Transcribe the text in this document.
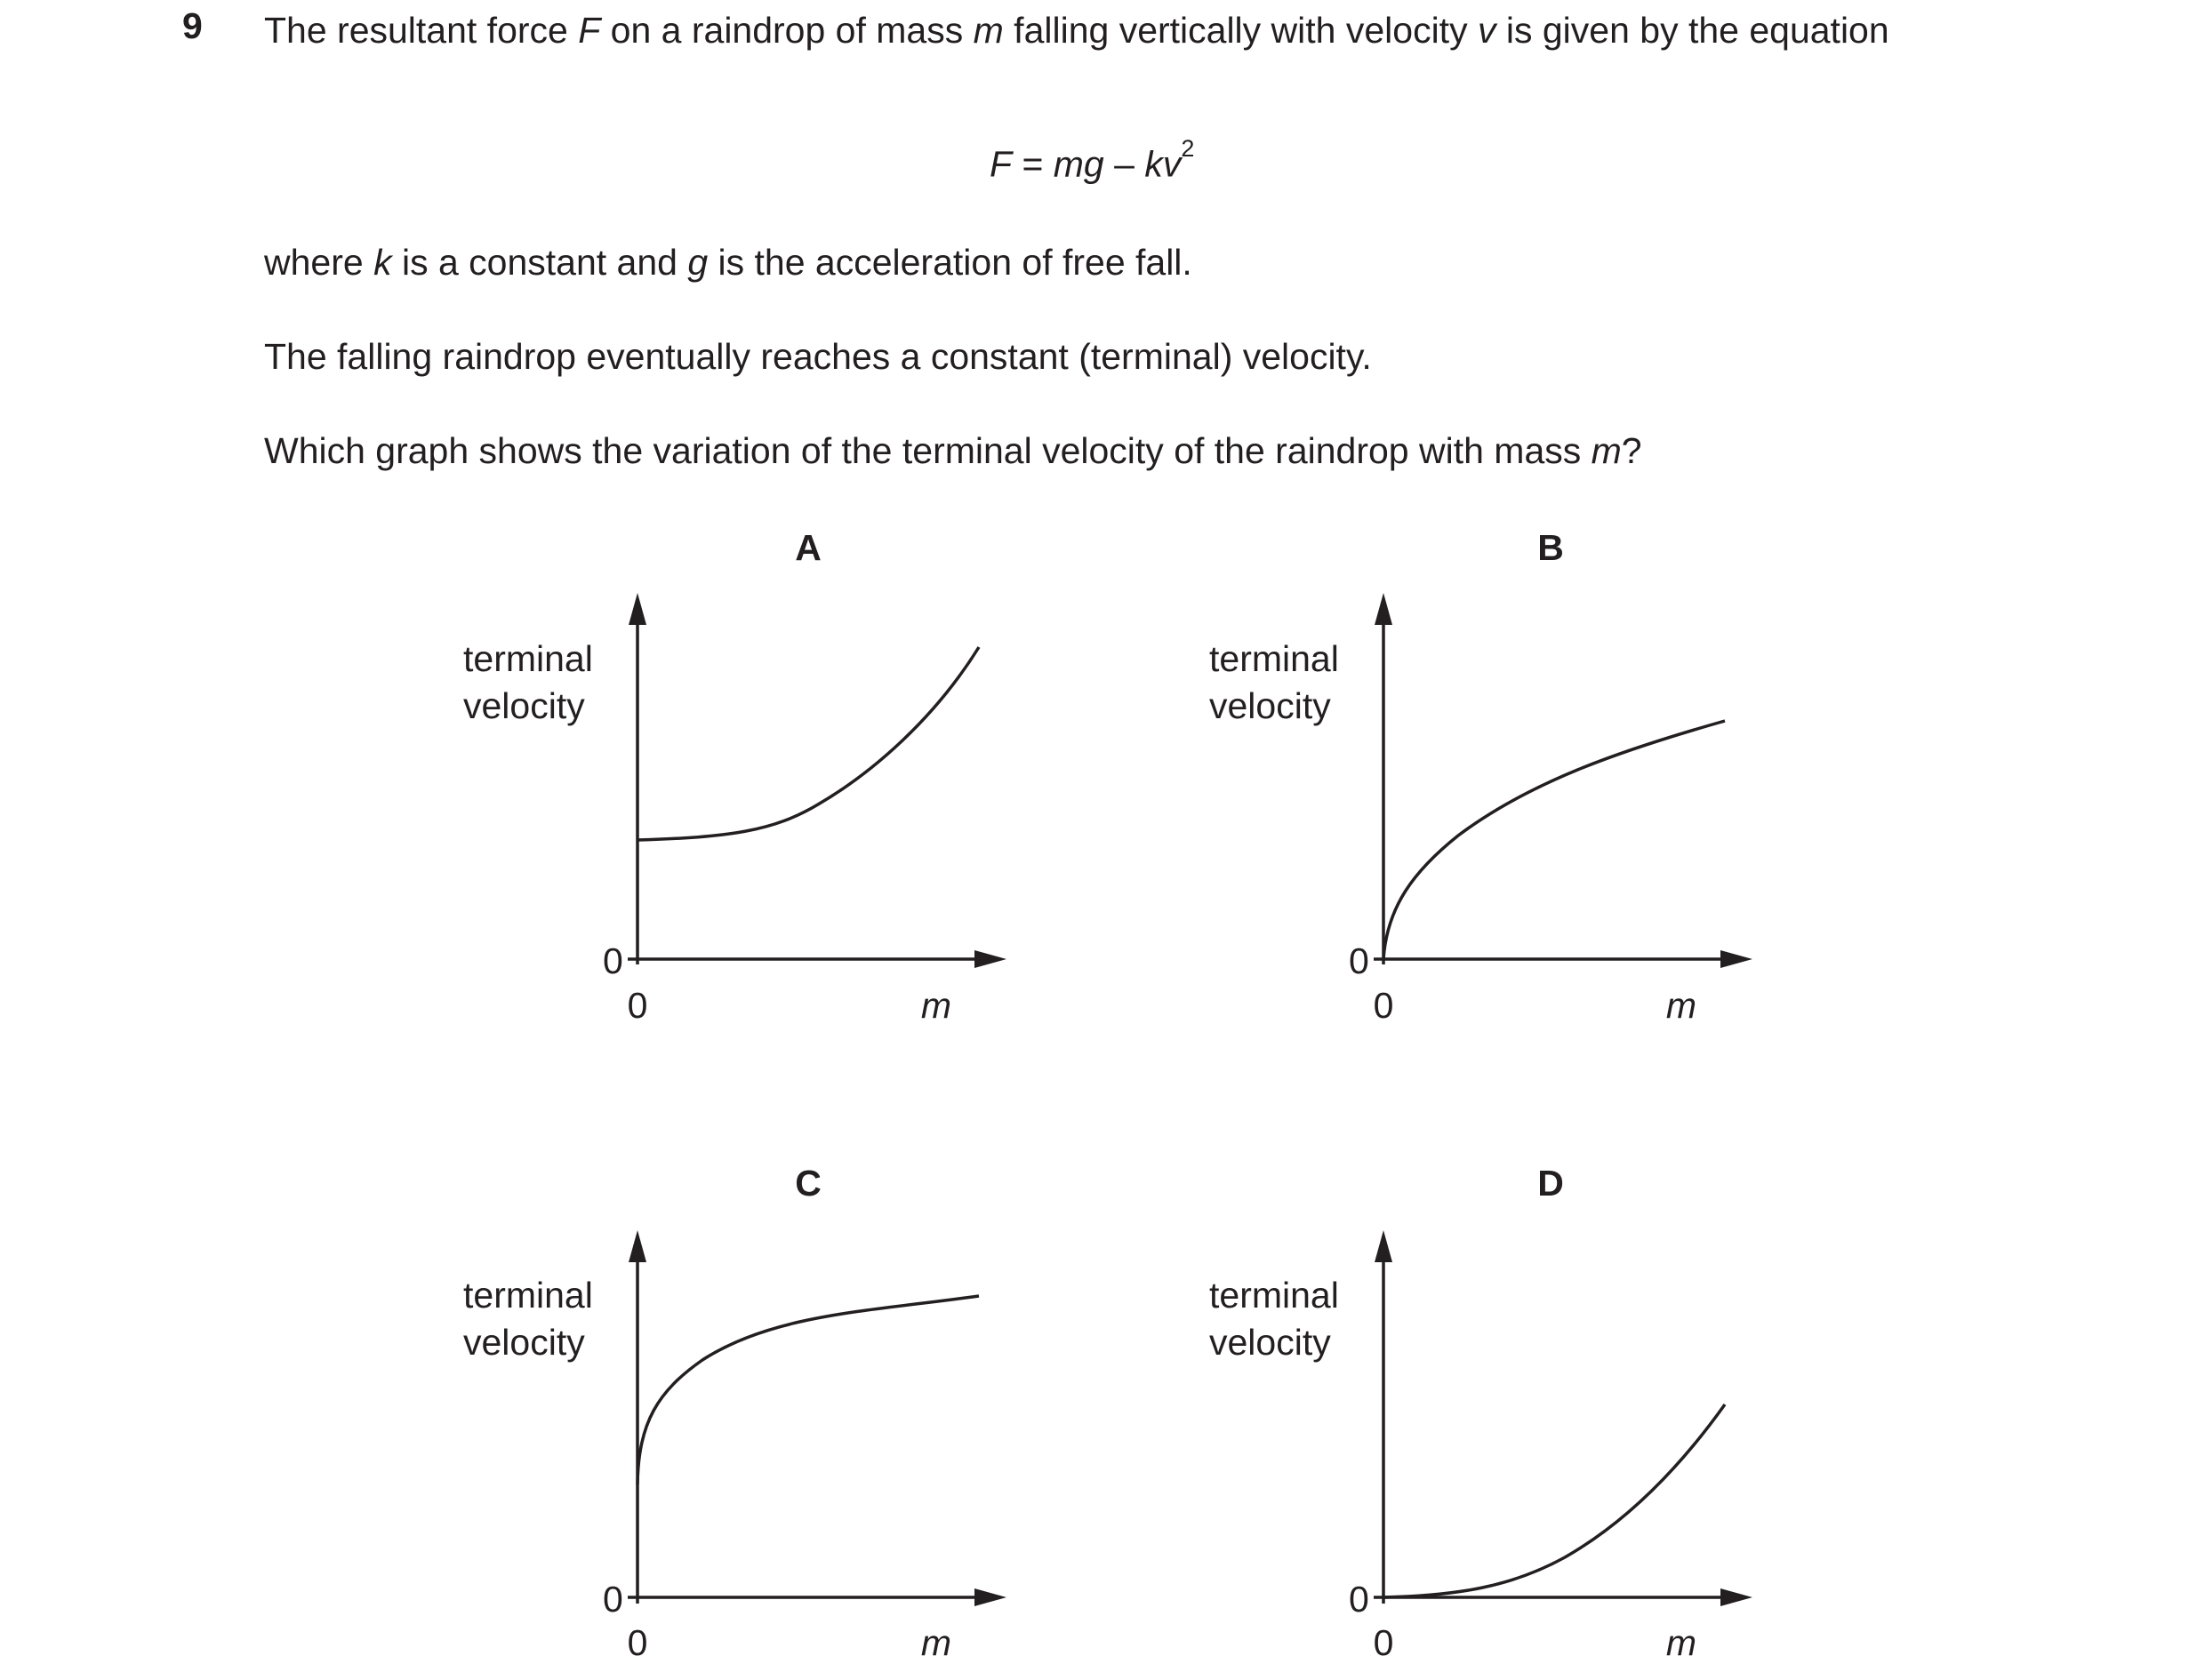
9 The resultant force F on a raindrop of mass m falling vertically with velocity v is given by the equation
F = mg – $kv^2$
where k is a constant and g is the acceleration of free fall.
The falling raindrop eventually reaches a constant (terminal) velocity.
Which graph shows the variation of the terminal velocity of the raindrop with mass m?
A
terminal
velocity
0
0	m
B
terminal
velocity
0
0	m
C
terminal
velocity
0
0	m
D
terminal
velocity
0
0	m
